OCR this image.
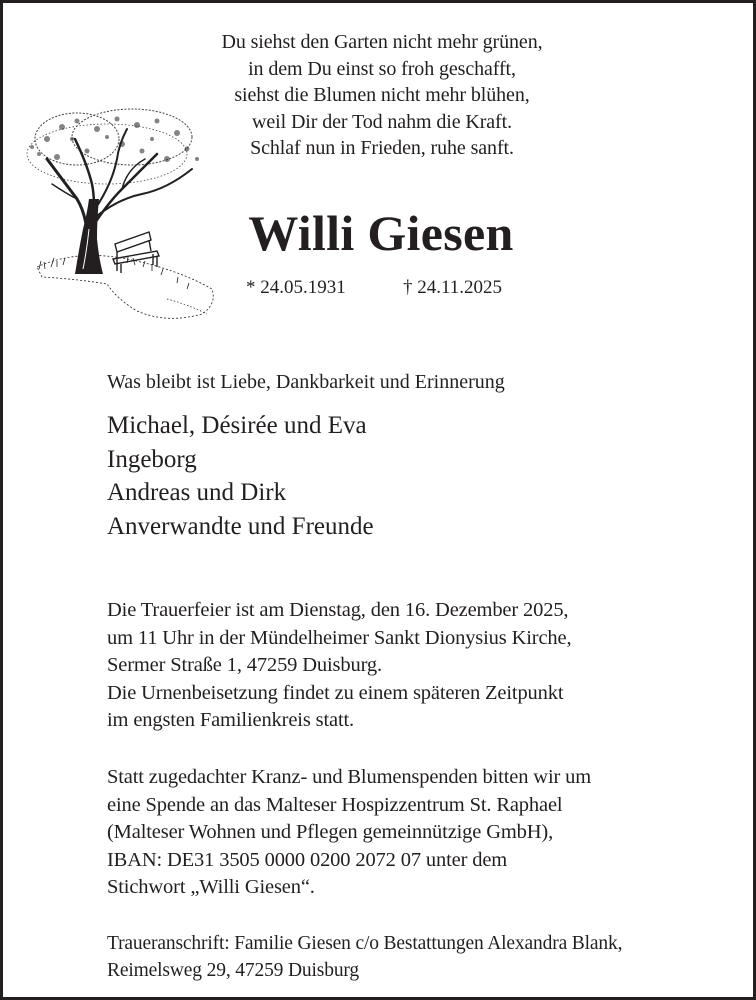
Du siehst den Garten nicht mehr grünen,
in dem Du einst so froh geschafft,
siehst die Blumen nicht mehr blühen,
weil Dir der Tod nahm die Kraft.
Schlaf nun in Frieden, ruhe sanft.
Willi Giesen
* 24.05.1931	† 24.11.2025
Was bleibt ist Liebe, Dankbarkeit und Erinnerung
Michael, Désirée und Eva
Ingeborg
Andreas und Dirk
Anverwandte und Freunde
Die Trauerfeier ist am Dienstag, den 16. Dezember 2025,
um 11 Uhr in der Mündelheimer Sankt Dionysius Kirche,
Sermer Straße 1, 47259 Duisburg.
Die Urnenbeisetzung findet zu einem späteren Zeitpunkt
im engsten Familienkreis statt.
Statt zugedachter Kranz- und Blumenspenden bitten wir um
eine Spende an das Malteser Hospizzentrum St. Raphael
(Malteser Wohnen und Pflegen gemeinnützige GmbH),
IBAN: DE31 3505 0000 0200 2072 07 unter dem
Stichwort „Willi Giesen“.
Traueranschrift: Familie Giesen c/o Bestattungen Alexandra Blank,
Reimelsweg 29, 47259 Duisburg
